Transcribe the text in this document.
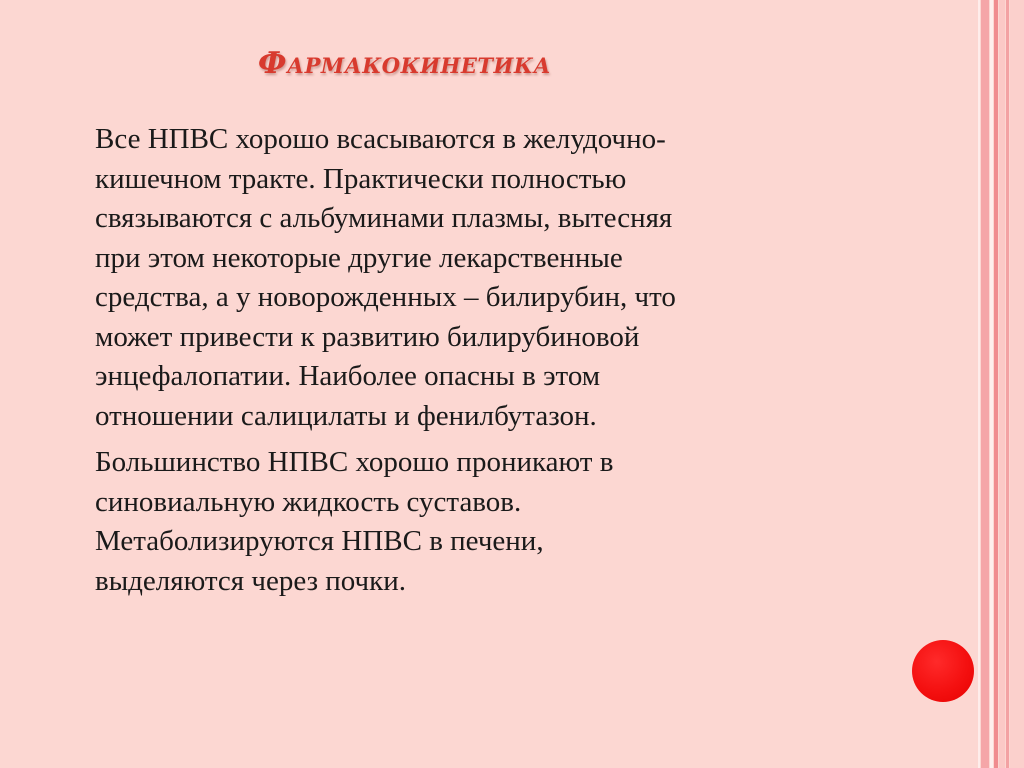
Фармакокинетика
Все НПВС хорошо всасываются в желудочно-
кишечном тракте. Практически полностью
связываются с альбуминами плазмы, вытесняя
при этом некоторые другие лекарственные
средства, а у новорожденных – билирубин, что
может привести к развитию билирубиновой
энцефалопатии. Наиболее опасны в этом
отношении салицилаты и фенилбутазон.
Большинство НПВС хорошо проникают в
синовиальную жидкость суставов.
Метаболизируются НПВС в печени,
выделяются через почки.
